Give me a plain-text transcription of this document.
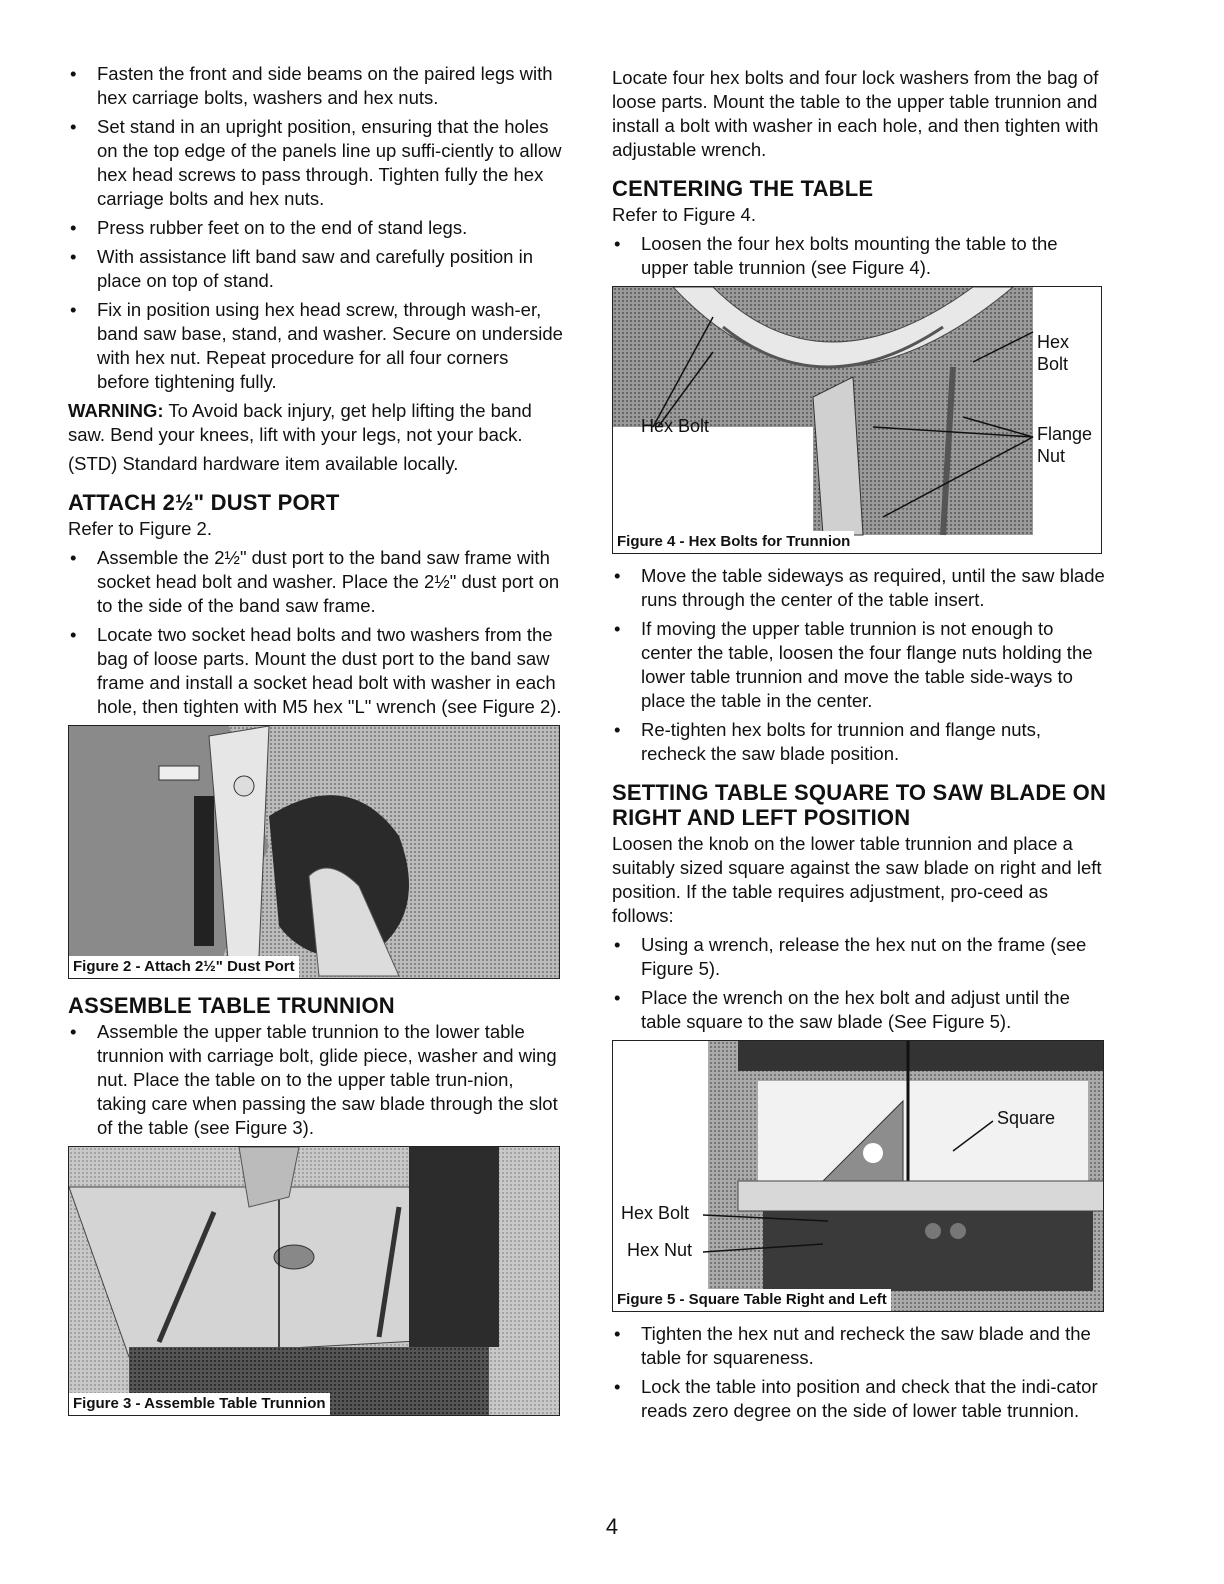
• Fasten the front and side beams on the paired legs with hex carriage bolts, washers and hex nuts.
• Set stand in an upright position, ensuring that the holes on the top edge of the panels line up suffi-ciently to allow hex head screws to pass through. Tighten fully the hex carriage bolts and hex nuts.
• Press rubber feet on to the end of stand legs.
• With assistance lift band saw and carefully position in place on top of stand.
• Fix in position using hex head screw, through wash-er, band saw base, stand, and washer. Secure on underside with hex nut. Repeat procedure for all four corners before tightening fully.

WARNING: To Avoid back injury, get help lifting the band saw. Bend your knees, lift with your legs, not your back.

(STD) Standard hardware item available locally.

ATTACH 2½" DUST PORT

Refer to Figure 2.

• Assemble the 2½" dust port to the band saw frame with socket head bolt and washer. Place the 2½" dust port on to the side of the band saw frame.
• Locate two socket head bolts and two washers from the bag of loose parts. Mount the dust port to the band saw frame and install a socket head bolt with washer in each hole, then tighten with M5 hex "L" wrench (see Figure 2).
Figure 2 - Attach 2½" Dust Port
ASSEMBLE TABLE TRUNNION
• Assemble the upper table trunnion to the lower table trunnion with carriage bolt, glide piece, washer and wing nut. Place the table on to the upper table trun-nion, taking care when passing the saw blade through the slot of the table (see Figure 3).
Figure 3 - Assemble Table Trunnion

Locate four hex bolts and four lock washers from the bag of loose parts. Mount the table to the upper table trunnion and install a bolt with washer in each hole, and then tighten with adjustable wrench.

CENTERING THE TABLE

Refer to Figure 4.

• Loosen the four hex bolts mounting the table to the upper table trunnion (see Figure 4).
Hex Bolt
Hex Bolt
Flange Nut
Figure 4 - Hex Bolts for Trunnion
• Move the table sideways as required, until the saw blade runs through the center of the table insert.
• If moving the upper table trunnion is not enough to center the table, loosen the four flange nuts holding the lower table trunnion and move the table side-ways to place the table in the center.
• Re-tighten hex bolts for trunnion and flange nuts, recheck the saw blade position.
SETTING TABLE SQUARE TO SAW BLADE ON RIGHT AND LEFT POSITION

Loosen the knob on the lower table trunnion and place a suitably sized square against the saw blade on right and left position. If the table requires adjustment, pro-ceed as follows:

• Using a wrench, release the hex nut on the frame (see Figure 5).
• Place the wrench on the hex bolt and adjust until the table square to the saw blade (See Figure 5).
Square
Hex Bolt
Hex Nut
Figure 5 - Square Table Right and Left
• Tighten the hex nut and recheck the saw blade and the table for squareness.
• Lock the table into position and check that the indi-cator reads zero degree on the side of lower table trunnion.
4
